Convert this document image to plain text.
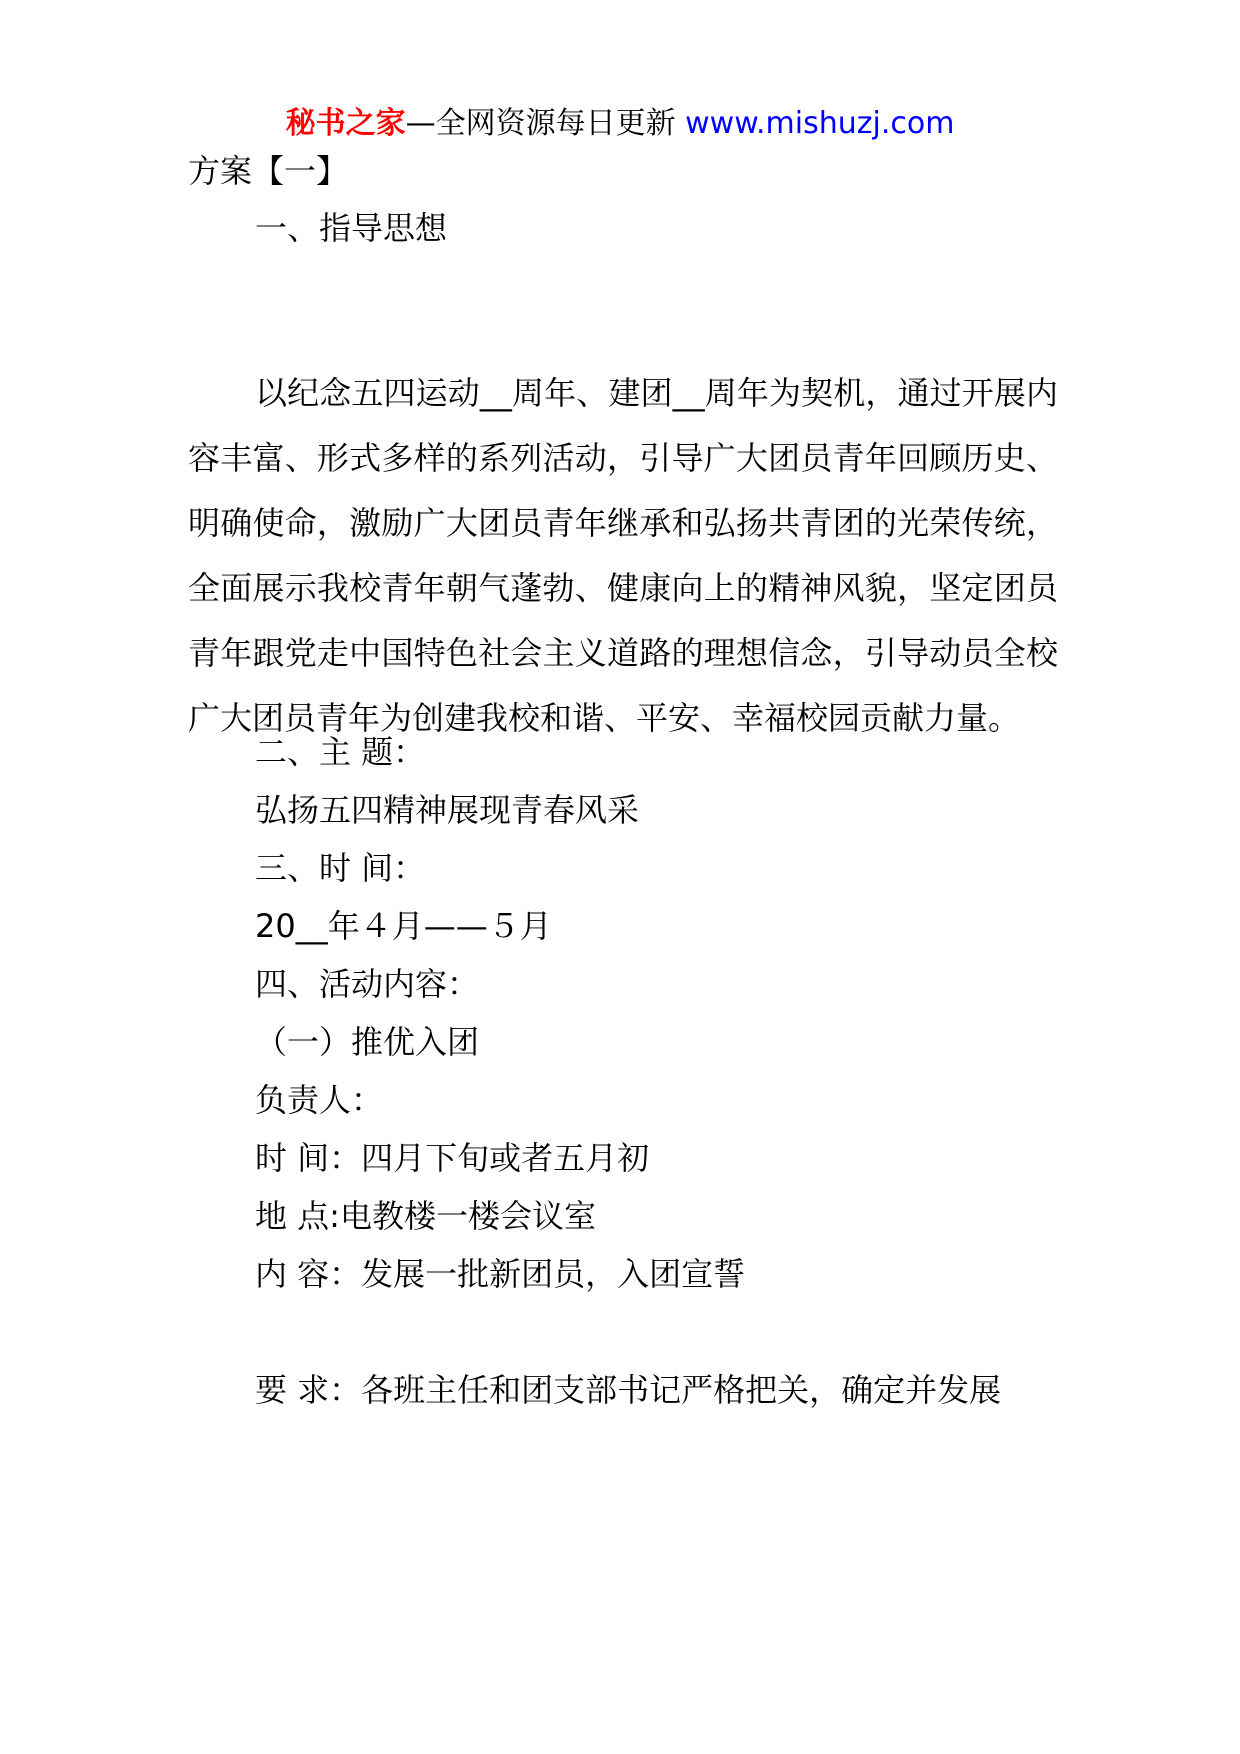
秘书之家—全网资源每日更新 www.mishuzj.com
方案【一】
一、指导思想
以纪念五四运动__周年、建团__周年为契机，通过开展内容丰富、形式多样的系列活动，引导广大团员青年回顾历史、明确使命，激励广大团员青年继承和弘扬共青团的光荣传统，全面展示我校青年朝气蓬勃、健康向上的精神风貌，坚定团员青年跟党走中国特色社会主义道路的理想信念，引导动员全校广大团员青年为创建我校和谐、平安、幸福校园贡献力量。
二、主 题：
弘扬五四精神展现青春风采
三、时 间：
20__年４月——５月
四、活动内容：
（一）推优入团
负责人：
时 间：四月下旬或者五月初
地 点:电教楼一楼会议室
内 容：发展一批新团员，入团宣誓
要 求：各班主任和团支部书记严格把关，确定并发展
